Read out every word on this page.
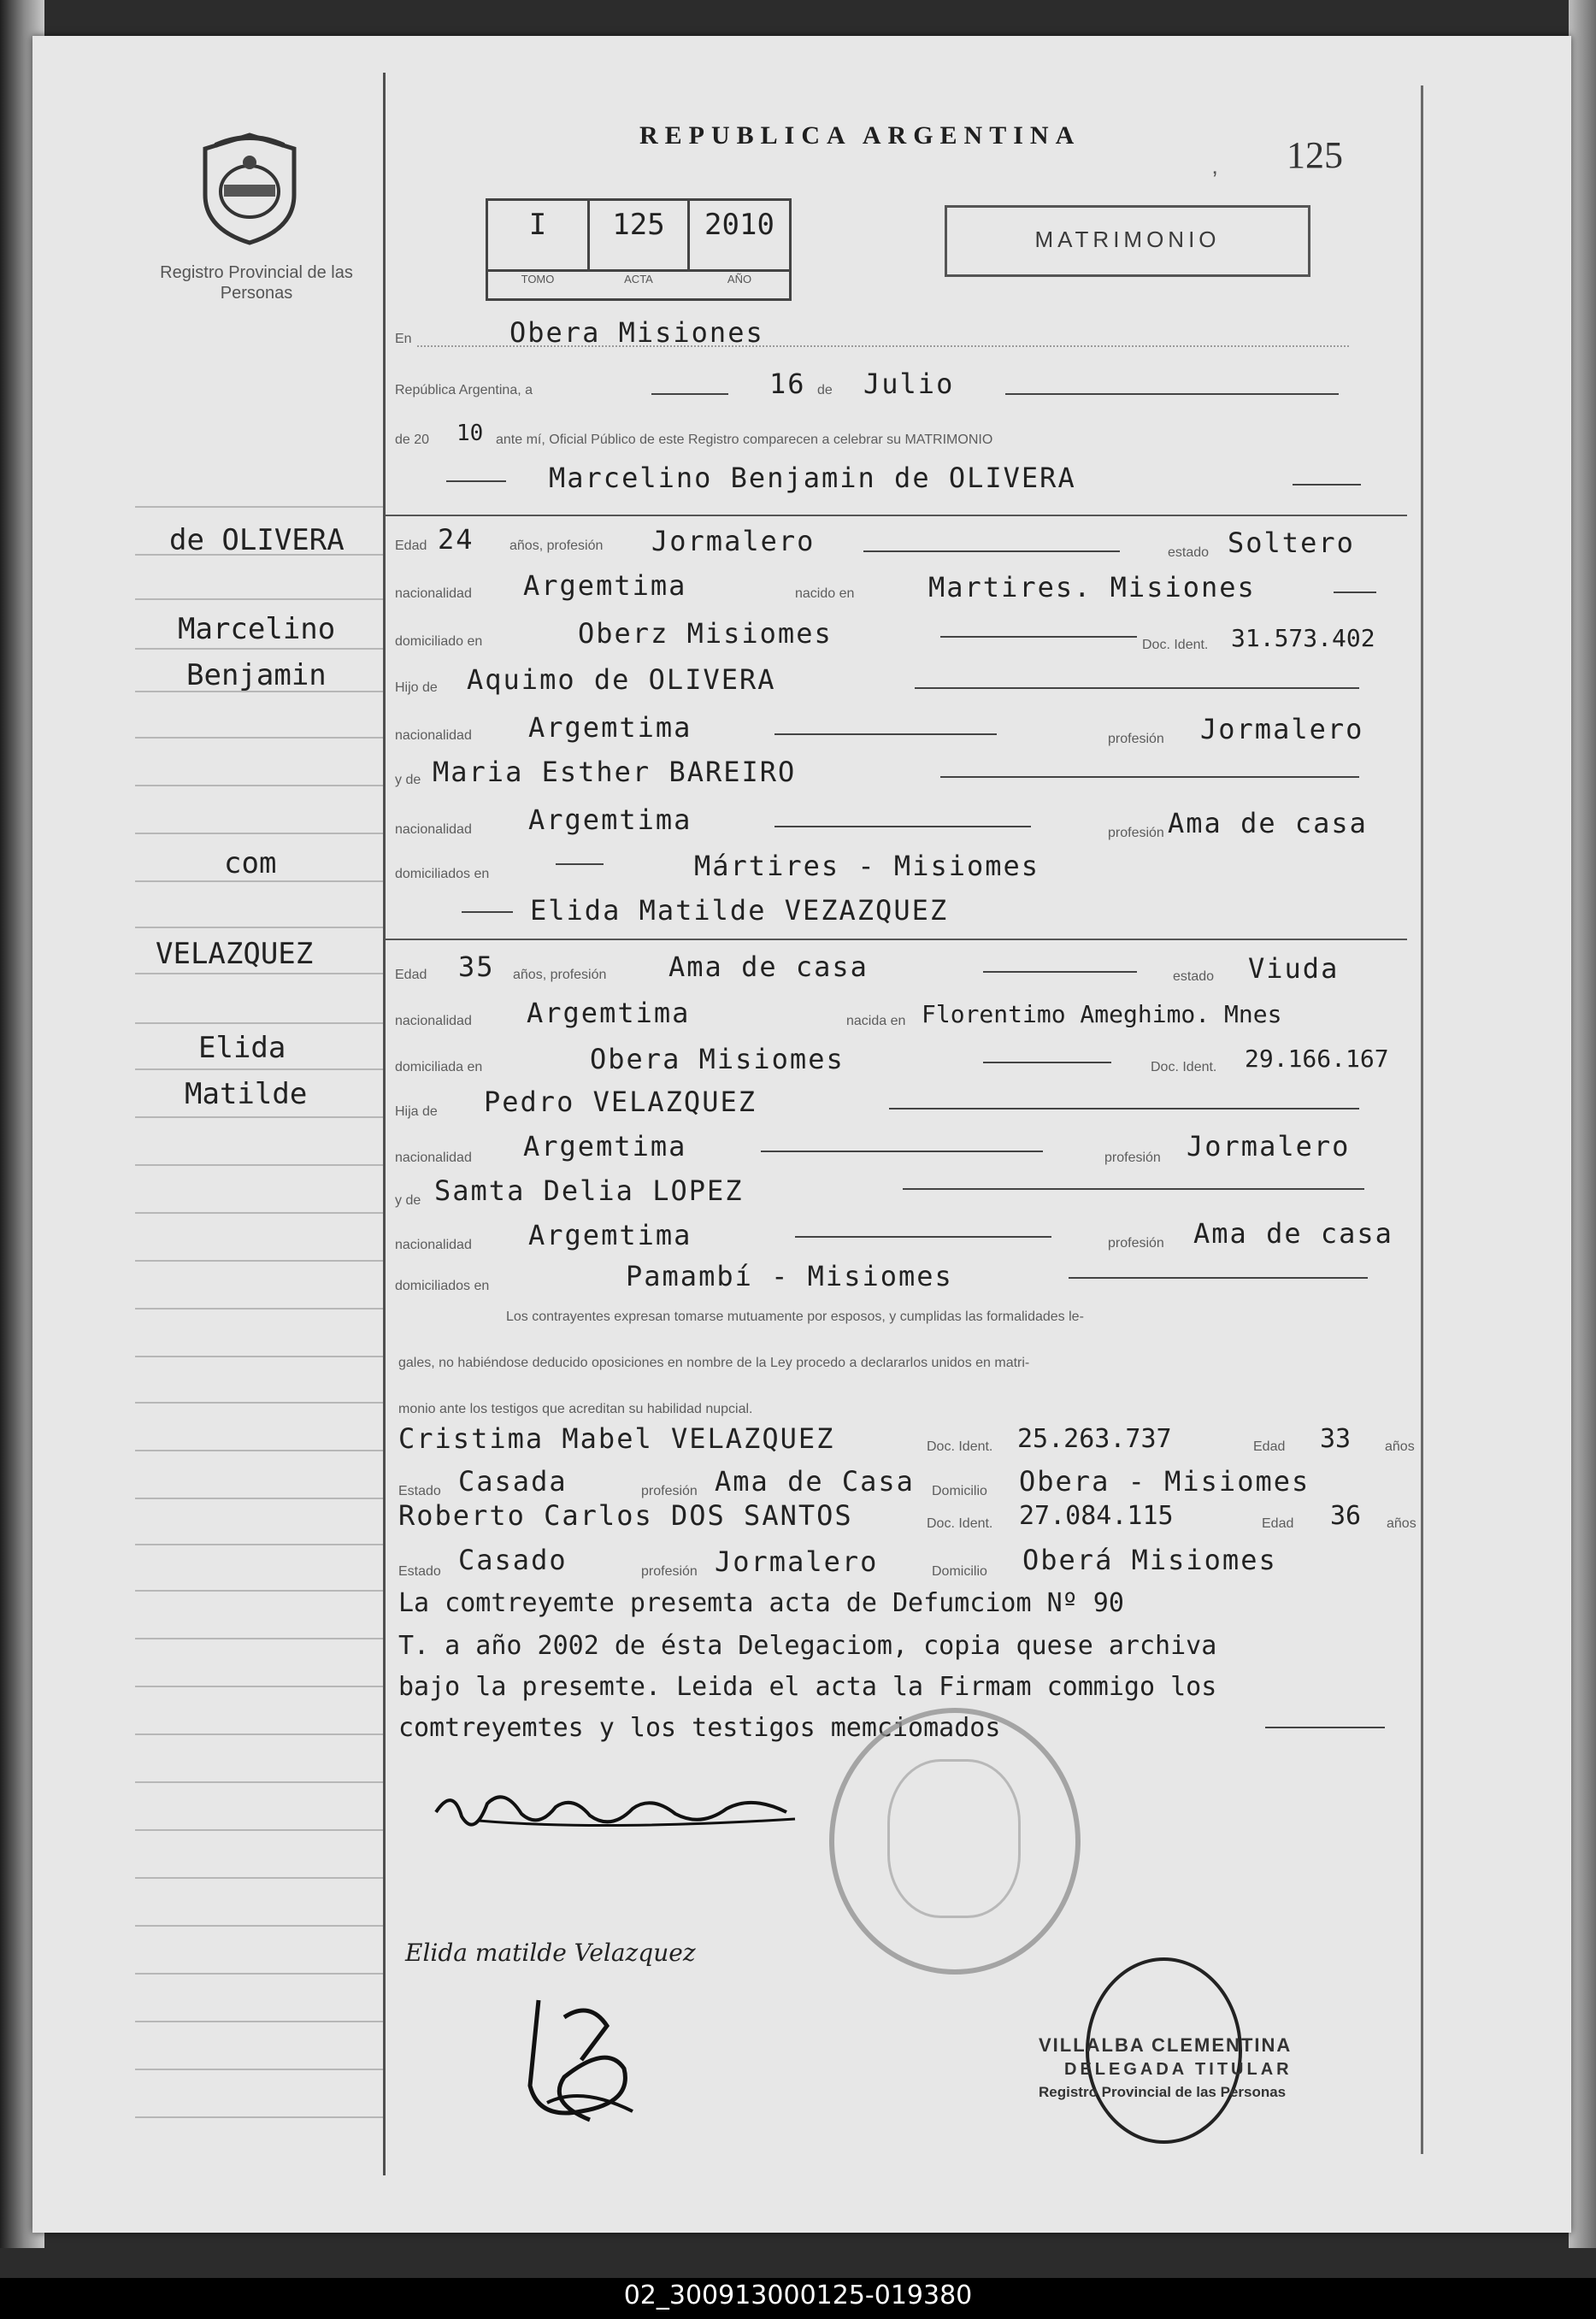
Registro Provincial de las Personas
REPUBLICA ARGENTINA
‚ 125
I	125	2010
TOMO	ACTA	AÑO
MATRIMONIO
de OLIVERA
Marcelino
Benjamin
com
VELAZQUEZ
Elida
Matilde
En	Obera Misiones
República Argentina, a	16 de Julio
de 20 10 ante mí, Oficial Público de este Registro comparecen a celebrar su MATRIMONIO
Marcelino Benjamin de OLIVERA
Edad 24	años, profesión Jormalero	estado Soltero
nacionalidad Argemtima	nacido en	Martires. Misiones
domiciliado en	Oberz Misiomes	Doc. Ident. 31.573.402
Hijo de Aquimo de OLIVERA
nacionalidad Argemtima	profesión Jormalero
y de Maria Esther BAREIRO
nacionalidad Argemtima	profesión Ama de casa
domiciliados en	Mártires - Misiomes
Elida Matilde VEZAZQUEZ
Edad 35 años, profesión Ama de casa	estado Viuda
nacionalidad Argemtima	nacida en Florentimo Ameghimo. Mnes
domiciliada en	Obera Misiomes	Doc. Ident. 29.166.167
Hija de Pedro VELAZQUEZ
nacionalidad Argemtima	profesión Jormalero
y de Samta Delia LOPEZ
nacionalidad Argemtima	profesión Ama de casa
domiciliados en	Pamambí - Misiomes
Los contrayentes expresan tomarse mutuamente por esposos, y cumplidas las formalidades le-
gales, no habiéndose deducido oposiciones en nombre de la Ley procedo a declararlos unidos en matri-
monio ante los testigos que acreditan su habilidad nupcial.
Cristima Mabel VELAZQUEZ	Doc. Ident. 25.263.737	Edad 33 años
Estado Casada	profesión Ama de Casa Domicilio Obera - Misiomes
Roberto Carlos DOS SANTOS	Doc. Ident. 27.084.115	Edad 36 años
Estado Casado	profesión Jormalero	Domicilio Oberá Misiomes
La comtreyemte presemta acta de Defumciom Nº 90
T. a año 2002 de ésta Delegaciom, copia quese archiva
bajo la presemte. Leida el acta la Firmam commigo los
comtreyemtes y los testigos memciomados
Elida matilde Velazquez
VILLALBA CLEMENTINA
DELEGADA TITULAR
Registro Provincial de las Personas
02_300913000125-019380
